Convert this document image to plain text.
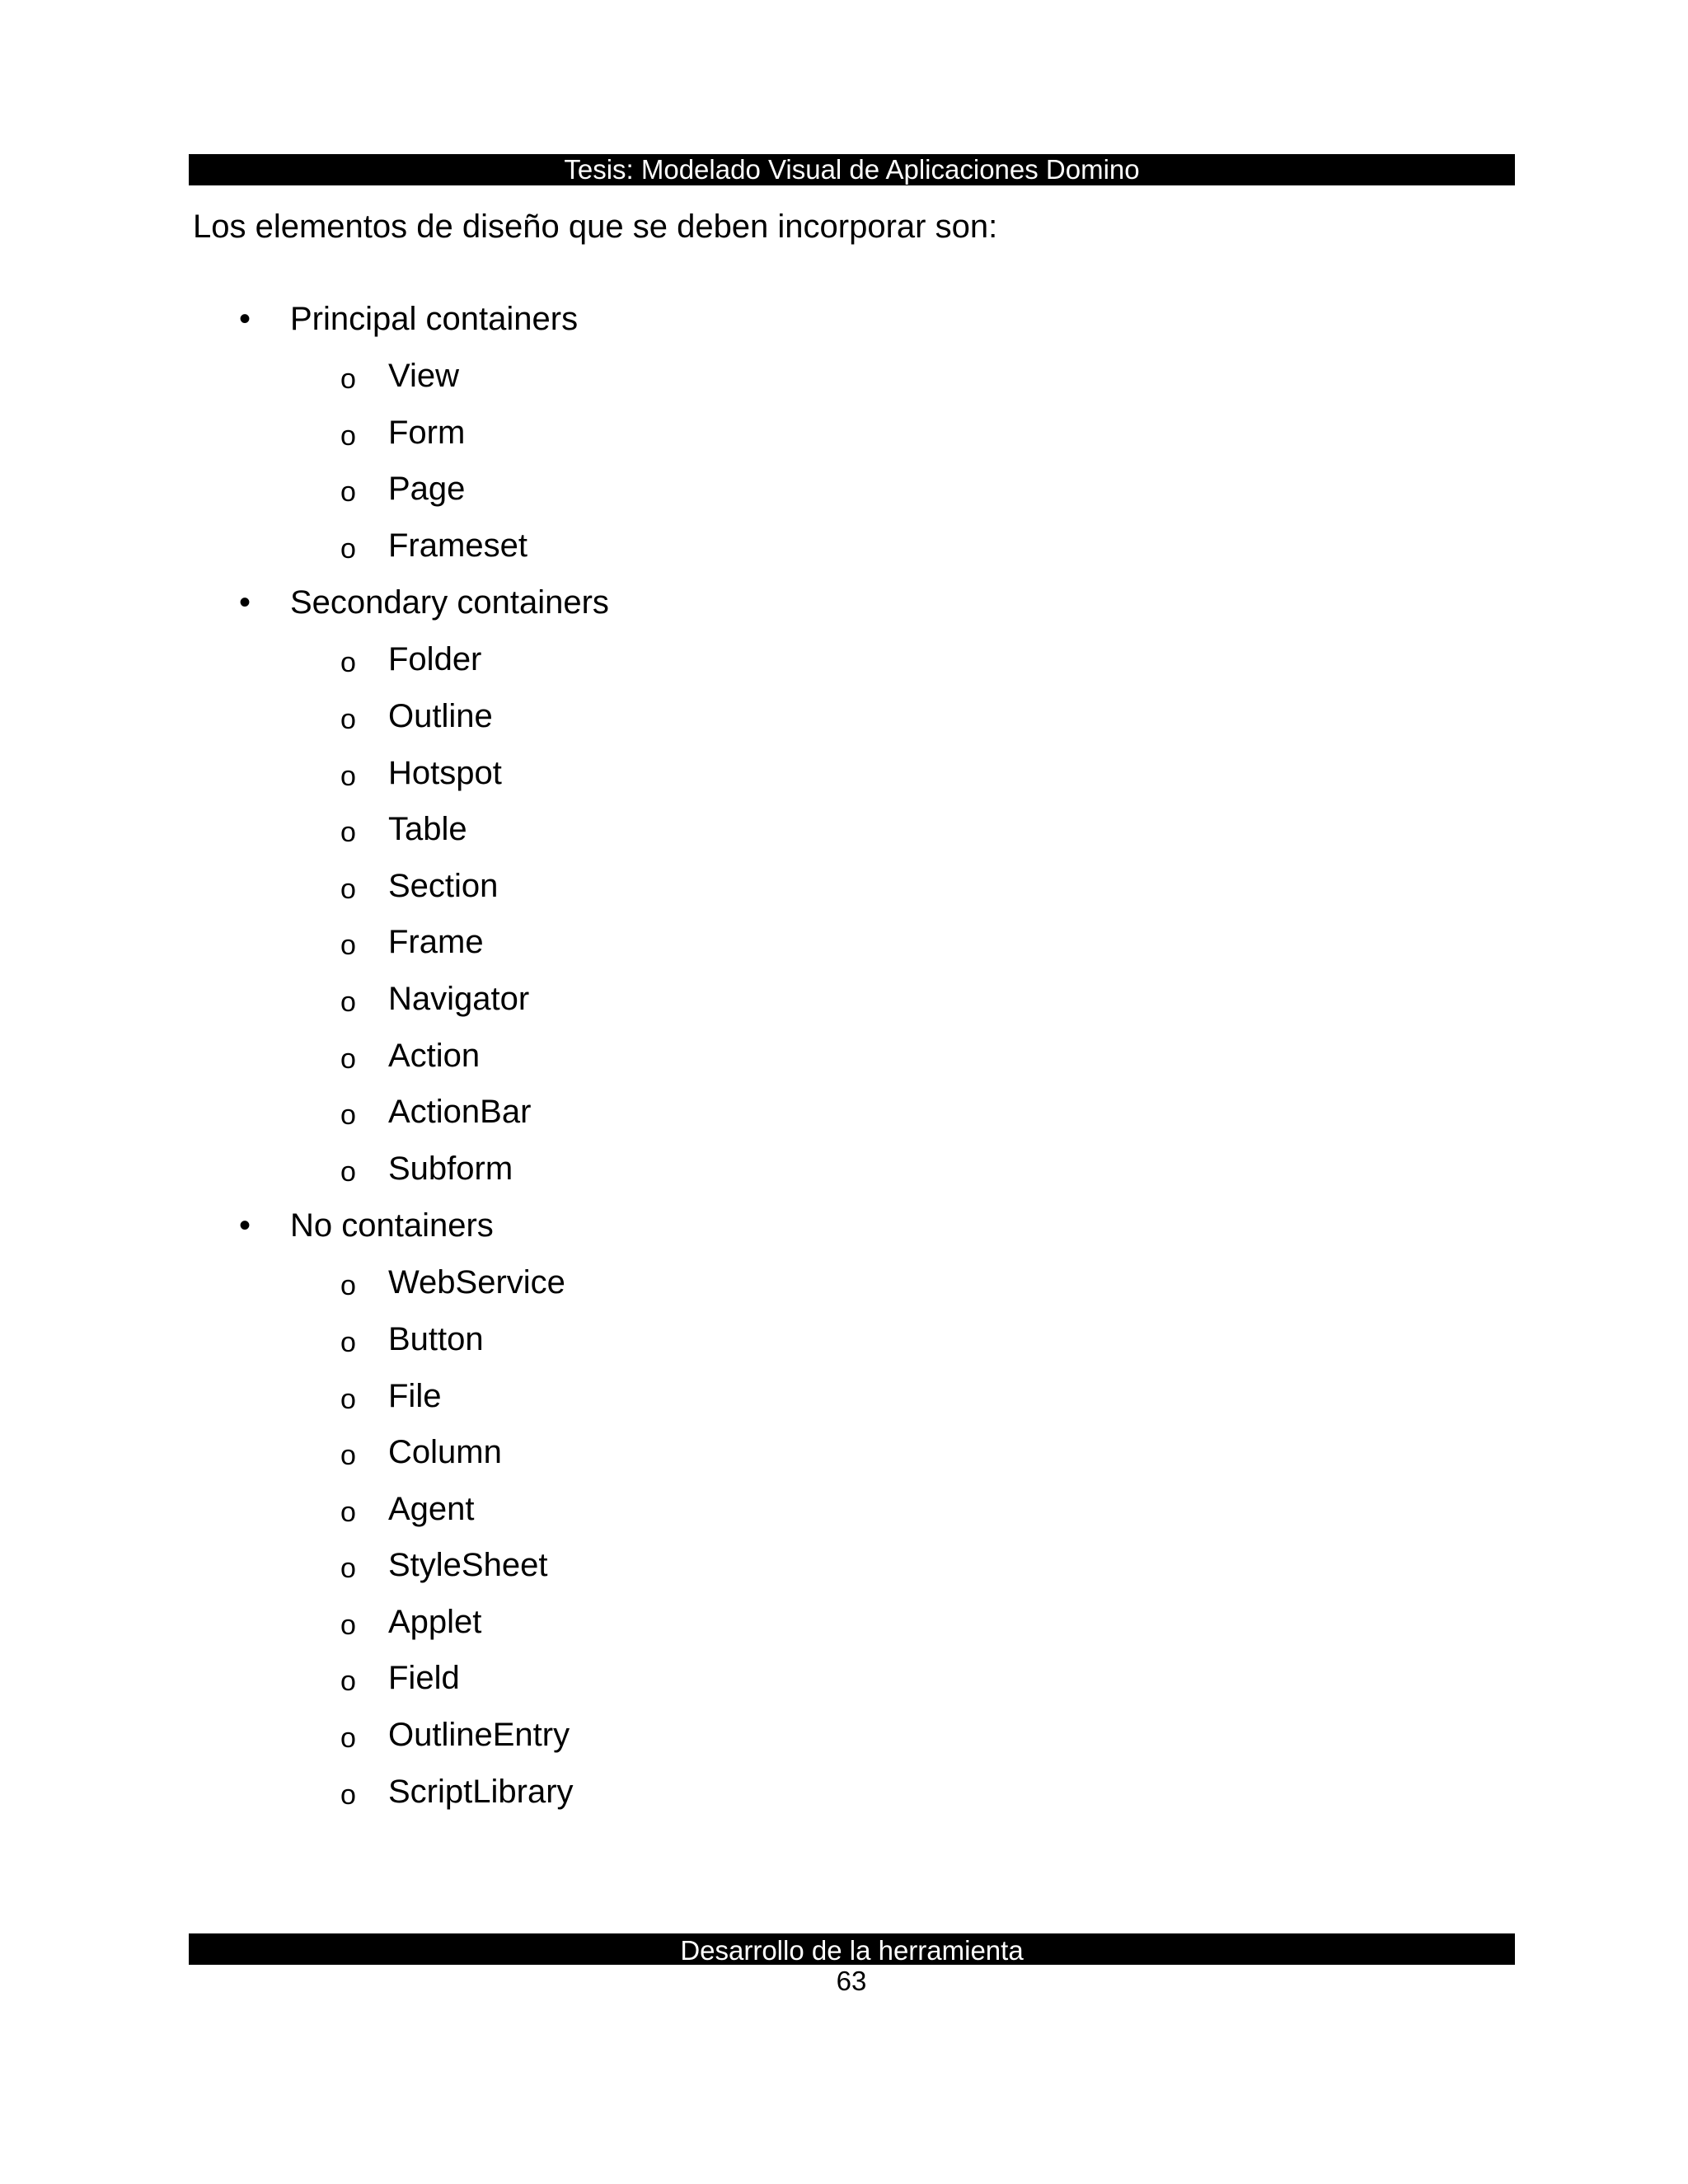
Tesis: Modelado Visual de Aplicaciones Domino
Los elementos de diseño que se deben incorporar son:
• Principal containers
o View
o Form
o Page
o Frameset
• Secondary containers
o Folder
o Outline
o Hotspot
o Table
o Section
o Frame
o Navigator
o Action
o ActionBar
o Subform
• No containers
o WebService
o Button
o File
o Column
o Agent
o StyleSheet
o Applet
o Field
o OutlineEntry
o ScriptLibrary
Desarrollo de la herramienta
63
